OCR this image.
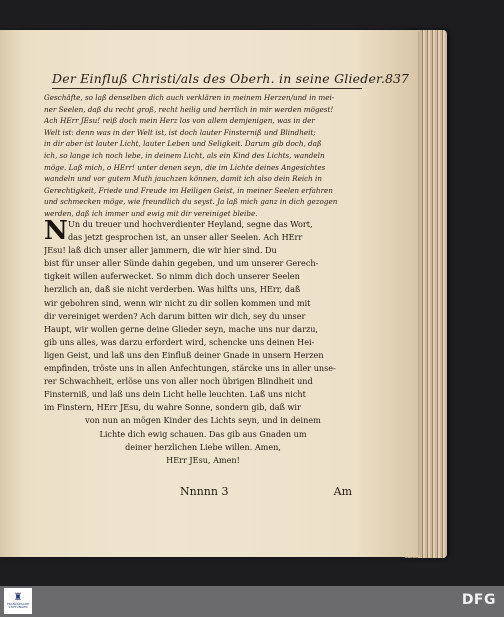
Der Einfluß Christi/als des Oberh. in seine Glieder. 837
Geschäfte, so laß denselben dich auch verklären in meinem Herzen/und in mei-
ner Seelen, daß du recht groß, recht heilig und herrlich in mir werden mögest!
Ach HErr JEsu! reiß doch mein Herz los von allem demjenigen, was in der
Welt ist: denn was in der Welt ist, ist doch lauter Finsterniß und Blindheit;
in dir aber ist lauter Licht, lauter Leben und Seligkeit. Darum gib doch, daß
ich, so lange ich noch lebe, in deinem Licht, als ein Kind des Lichts, wandeln
möge. Laß mich, o HErr! unter denen seyn, die im Lichte deines Angesichtes
wandeln und vor gutem Muth jauchzen können, damit ich also dein Reich in
Gerechtigkeit, Friede und Freude im Heiligen Geist, in meiner Seelen erfahren
und schmecken möge, wie freundlich du seyst. Ja laß mich ganz in dich gezogen
werden, daß ich immer und ewig mit dir vereiniget bleibe.
N Un du treuer und hochverdienter Heyland, segne das Wort,
das jetzt gesprochen ist, an unser aller Seelen. Ach HErr
JEsu! laß dich unser aller jammern, die wir hier sind. Du
bist für unser aller Sünde dahin gegeben, und um unserer Gerech-
tigkeit willen auferwecket. So nimm dich doch unserer Seelen
herzlich an, daß sie nicht verderben. Was hilfts uns, HErr, daß
wir gebohren sind, wenn wir nicht zu dir sollen kommen und mit
dir vereiniget werden? Ach darum bitten wir dich, sey du unser
Haupt, wir wollen gerne deine Glieder seyn, mache uns nur darzu,
gib uns alles, was darzu erfordert wird, schencke uns deinen Hei-
ligen Geist, und laß uns den Einfluß deiner Gnade in unsern Herzen
empfinden, tröste uns in allen Anfechtungen, stärcke uns in aller unse-
rer Schwachheit, erlöse uns von aller noch übrigen Blindheit und
Finsterniß, und laß uns dein Licht helle leuchten. Laß uns nicht
im Finstern, HErr JEsu, du wahre Sonne, sondern gib, daß wir
von nun an mögen Kinder des Lichts seyn, und in deinem
Lichte dich ewig schauen. Das gib aus Gnaden um
deiner herzlichen Liebe willen. Amen,
HErr JEsu, Amen!
Nnnnn 3	Am
♜
FRANCKESCHE STIFTUNGEN	DFG
